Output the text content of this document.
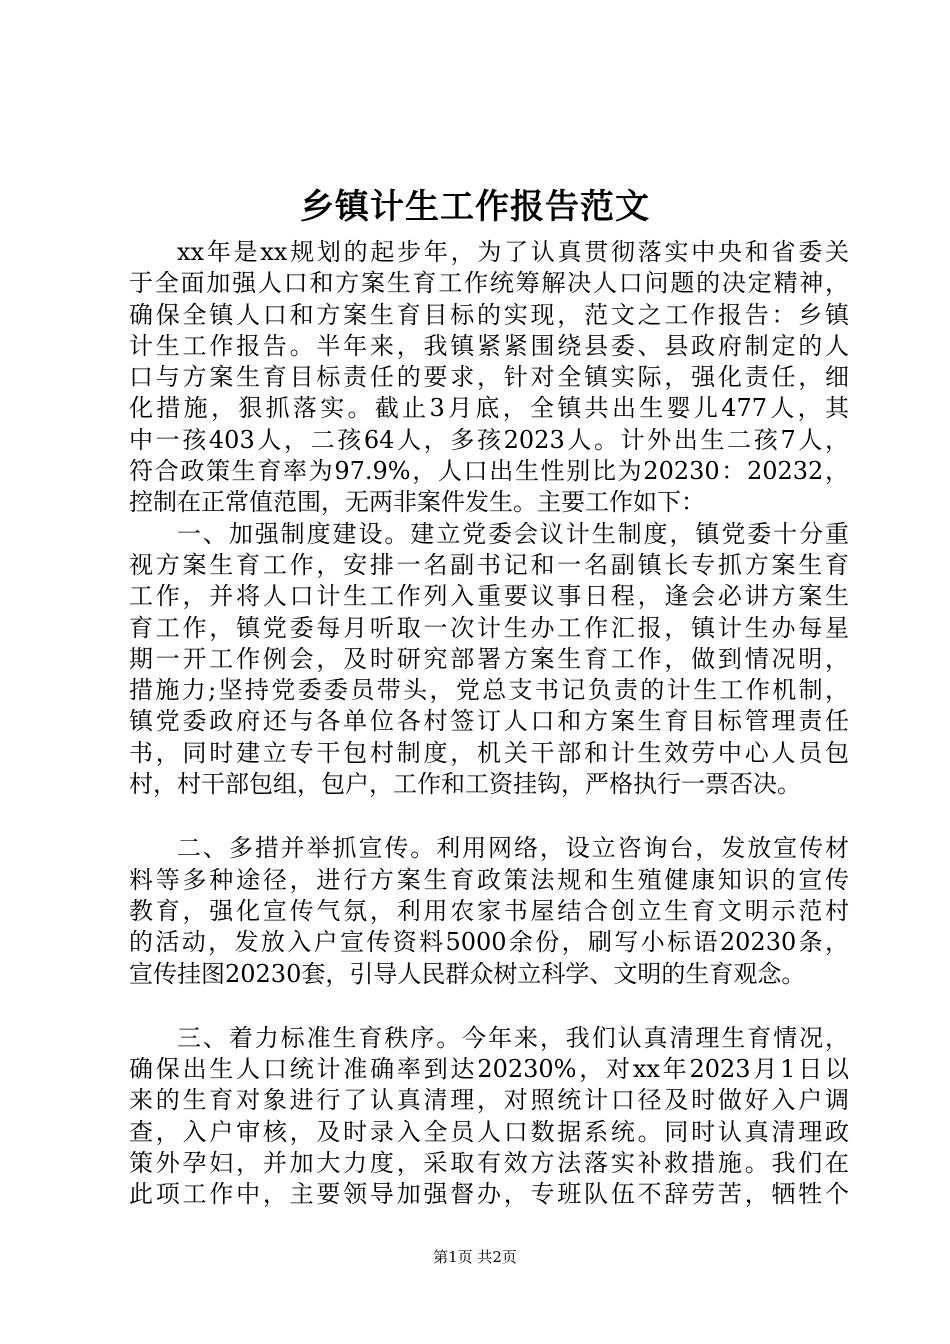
乡镇计生工作报告范文
xx年是xx规划的起步年，为了认真贯彻落实中央和省委关
于全面加强人口和方案生育工作统筹解决人口问题的决定精神，
确保全镇人口和方案生育目标的实现，范文之工作报告：乡镇
计生工作报告。半年来，我镇紧紧围绕县委、县政府制定的人
口与方案生育目标责任的要求，针对全镇实际，强化责任，细
化措施，狠抓落实。截止3月底，全镇共出生婴儿477人，其
中一孩403人，二孩64人，多孩2023人。计外出生二孩7人，
符合政策生育率为97.9%，人口出生性别比为20230：20232，
控制在正常值范围，无两非案件发生。主要工作如下：
一、加强制度建设。建立党委会议计生制度，镇党委十分重
视方案生育工作，安排一名副书记和一名副镇长专抓方案生育
工作，并将人口计生工作列入重要议事日程，逢会必讲方案生
育工作，镇党委每月听取一次计生办工作汇报，镇计生办每星
期一开工作例会，及时研究部署方案生育工作，做到情况明，
措施力;坚持党委委员带头，党总支书记负责的计生工作机制，
镇党委政府还与各单位各村签订人口和方案生育目标管理责任
书，同时建立专干包村制度，机关干部和计生效劳中心人员包
村，村干部包组，包户，工作和工资挂钩，严格执行一票否决。
二、多措并举抓宣传。利用网络，设立咨询台，发放宣传材
料等多种途径，进行方案生育政策法规和生殖健康知识的宣传
教育，强化宣传气氛，利用农家书屋结合创立生育文明示范村
的活动，发放入户宣传资料5000余份，刷写小标语20230条，
宣传挂图20230套，引导人民群众树立科学、文明的生育观念。
三、着力标准生育秩序。今年来，我们认真清理生育情况，
确保出生人口统计准确率到达20230%，对xx年2023月1日以
来的生育对象进行了认真清理，对照统计口径及时做好入户调
查，入户审核，及时录入全员人口数据系统。同时认真清理政
策外孕妇，并加大力度，采取有效方法落实补救措施。我们在
此项工作中，主要领导加强督办，专班队伍不辞劳苦，牺牲个
第1页 共2页
